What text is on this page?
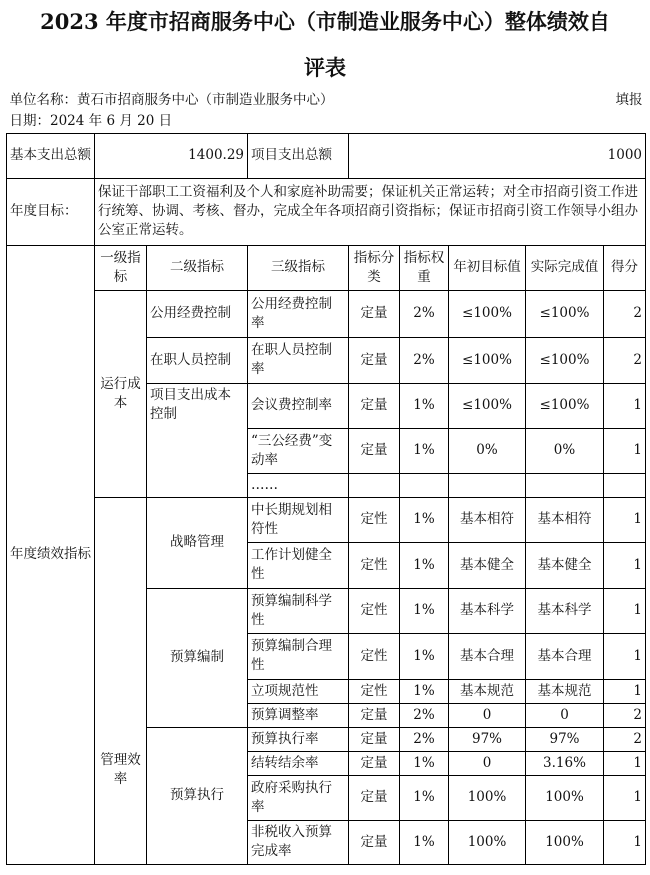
2023 年度市招商服务中心（市制造业服务中心）整体绩效自
评表
单位名称：黄石市招商服务中心（市制造业服务中心）								填报
日期：2024 年 6 月 20 日								
基本支出总额	1400.29		项目支出总额	1000				
年度目标：	保证干部职工工资福利及个人和家庭补助需要；保证机关正常运转；对全市招商引资工作进行统筹、协调、考核、督办，完成全年各项招商引资指标；保证市招商引资工作领导小组办公室正常运转。							
年度绩效指标	一级指标	二级指标	三级指标	指标分类	指标权重	年初目标值	实际完成值	得分
	运行成本	公用经费控制	公用经费控制率	定量	2%	≤100%	≤100%	2
		在职人员控制	在职人员控制率	定量	2%	≤100%	≤100%	2
		项目支出成本控制	会议费控制率	定量	1%	≤100%	≤100%	1
			“三公经费”变动率	定量	1%	0%	0%	1
			……					
	管理效率	战略管理	中长期规划相符性	定性	1%	基本相符	基本相符	1
			工作计划健全性	定性	1%	基本健全	基本健全	1
		预算编制	预算编制科学性	定性	1%	基本科学	基本科学	1
			预算编制合理性	定性	1%	基本合理	基本合理	1
			立项规范性	定性	1%	基本规范	基本规范	1
			预算调整率	定量	2%	0	0	2
		预算执行	预算执行率	定量	2%	97%	97%	2
			结转结余率	定量	1%	0	3.16%	1
			政府采购执行率	定量	1%	100%	100%	1
			非税收入预算完成率	定量	1%	100%	100%	1
